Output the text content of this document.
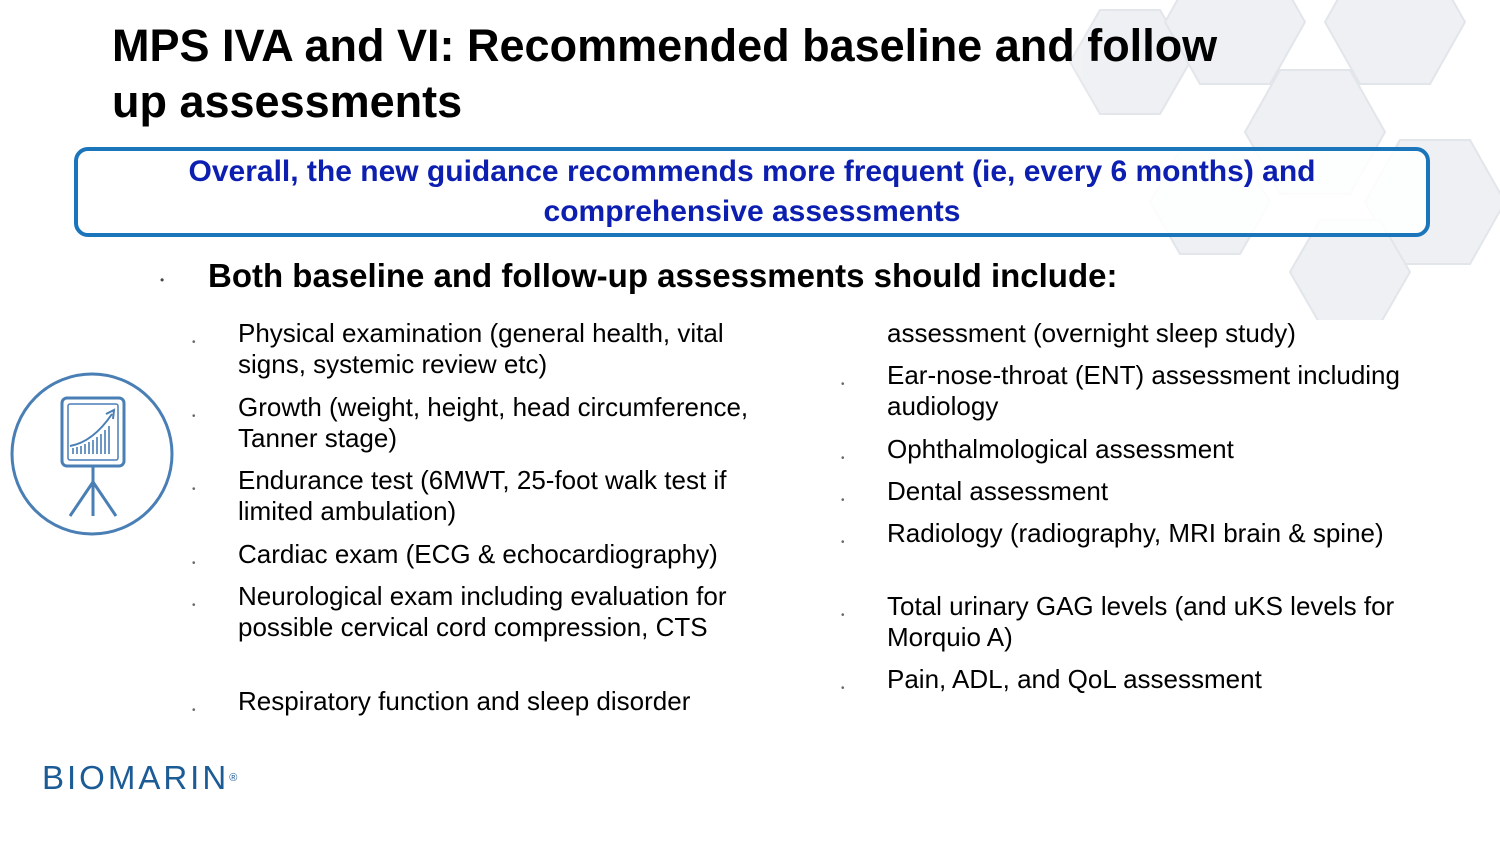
MPS IVA and VI: Recommended baseline and follow up assessments
Overall, the new guidance recommends more frequent (ie, every 6 months) and comprehensive assessments
• Both baseline and follow-up assessments should include:
• Physical examination (general health, vital signs, systemic review etc)
• Growth (weight, height, head circumference, Tanner stage)
• Endurance test (6MWT, 25-foot walk test if limited ambulation)
• Cardiac exam (ECG & echocardiography)
• Neurological exam including evaluation for possible cervical cord compression, CTS
• Respiratory function and sleep disorder
assessment (overnight sleep study)
• Ear-nose-throat (ENT) assessment including audiology
• Ophthalmological assessment
• Dental assessment
• Radiology (radiography, MRI brain & spine)
• Total urinary GAG levels (and uKS levels for Morquio A)
• Pain, ADL, and QoL assessment
BIOMARIN®
